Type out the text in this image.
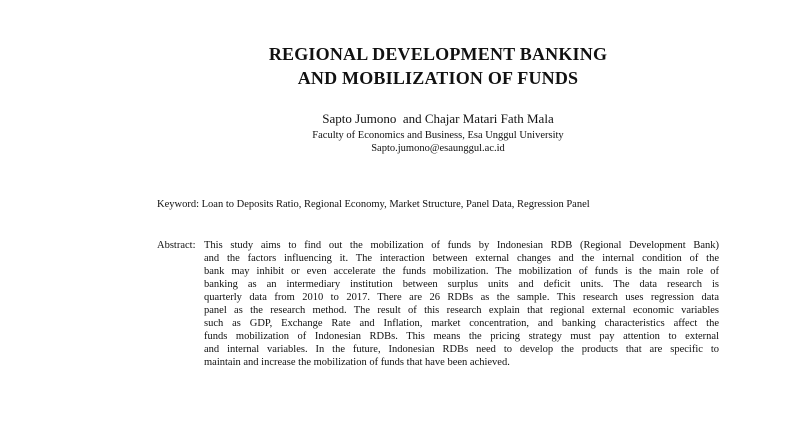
REGIONAL DEVELOPMENT BANKING
AND MOBILIZATION OF FUNDS
Sapto Jumono  and Chajar Matari Fath Mala
Faculty of Economics and Business, Esa Unggul University
Sapto.jumono@esaunggul.ac.id
Keyword: Loan to Deposits Ratio, Regional Economy, Market Structure, Panel Data, Regression Panel
Abstract: This study aims to find out the mobilization of funds by Indonesian RDB (Regional Development Bank)
and the factors influencing it. The interaction between external changes and the internal condition of the
bank may inhibit or even accelerate the funds mobilization. The mobilization of funds is the main role of
banking as an intermediary institution between surplus units and deficit units. The data research is
quarterly data from 2010 to 2017. There are 26 RDBs as the sample. This research uses regression data
panel as the research method. The result of this research explain that regional external economic variables
such as GDP, Exchange Rate and Inflation, market concentration, and banking characteristics affect the
funds mobilization of Indonesian RDBs. This means the pricing strategy must pay attention to external
and internal variables. In the future, Indonesian RDBs need to develop the products that are specific to
maintain and increase the mobilization of funds that have been achieved.
